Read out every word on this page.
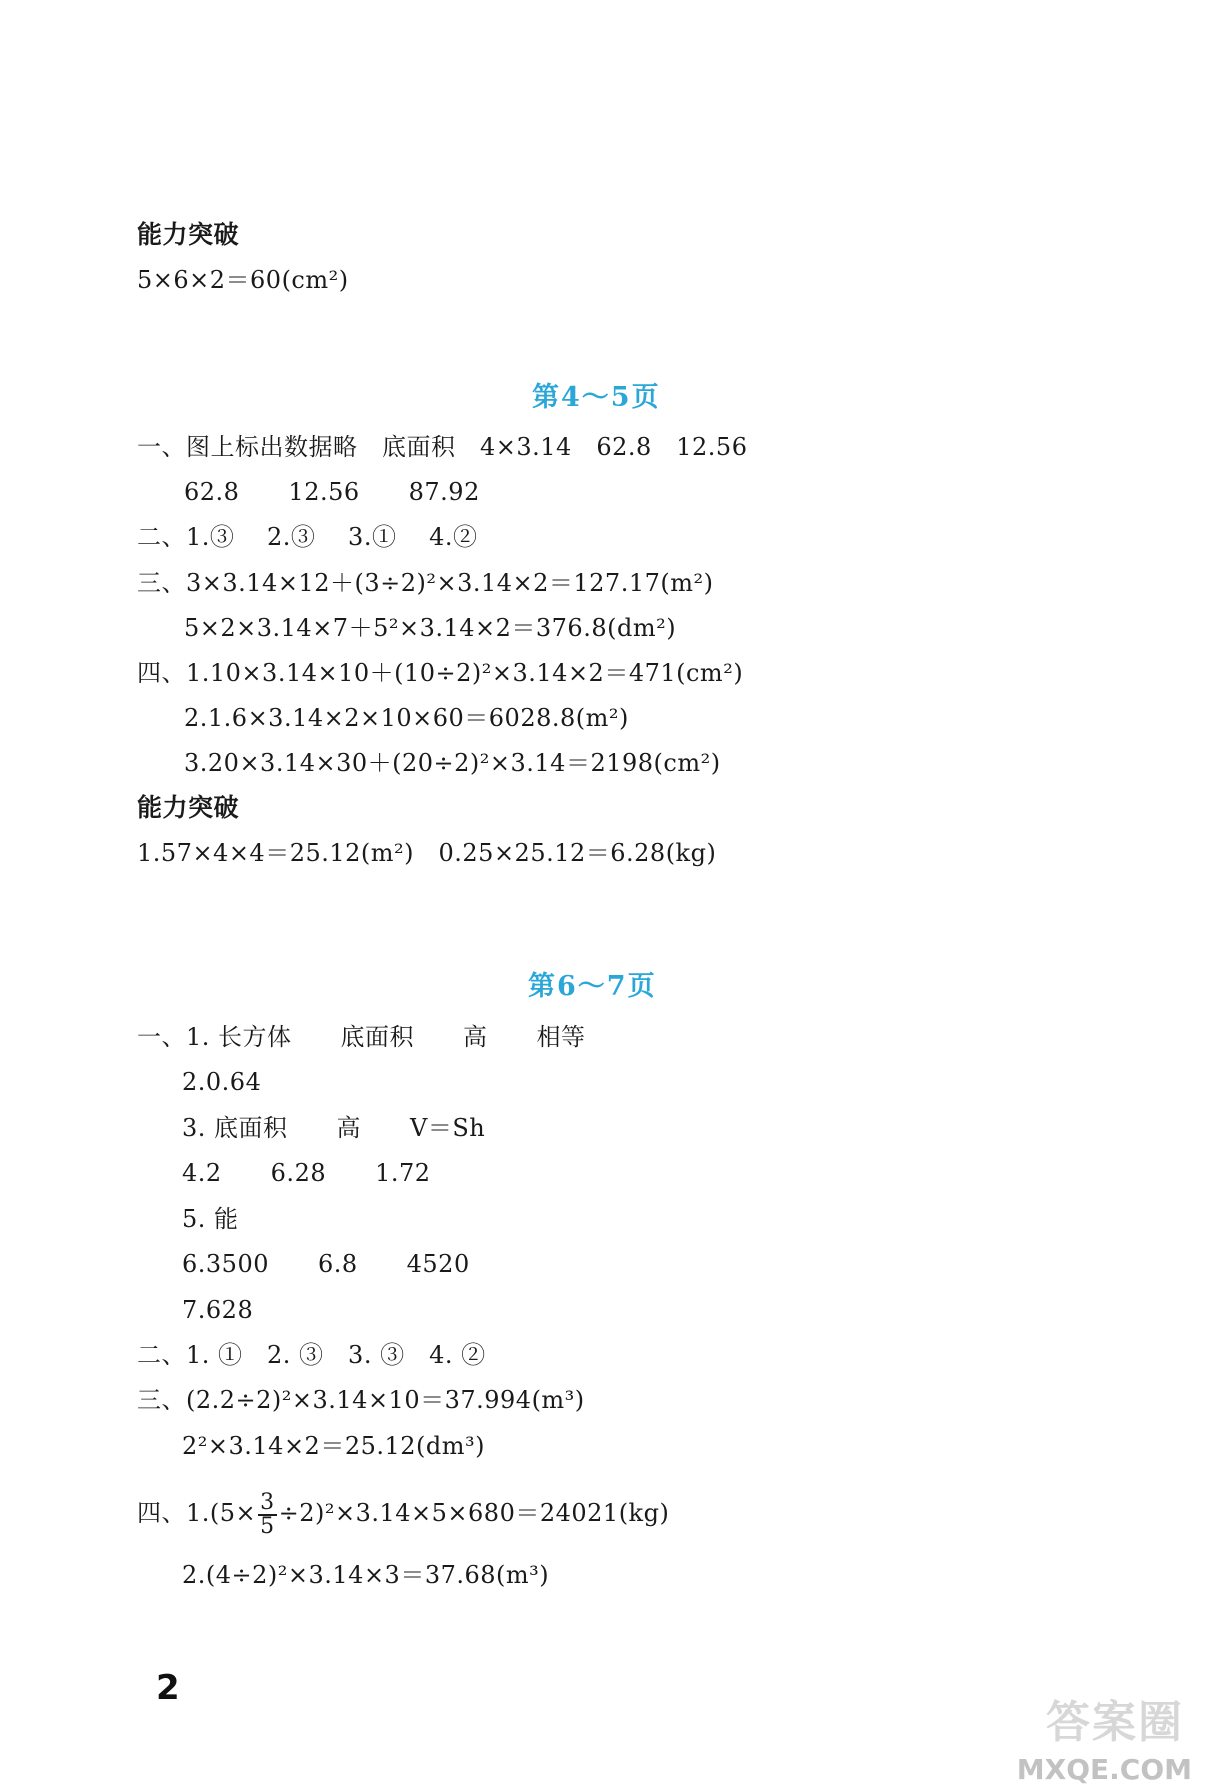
能力突破
5×6×2＝60(cm²)
第4～5页
一、图上标出数据略　底面积　4×3.14　62.8　12.56
62.8　　12.56　　87.92
二、1.③　 2.③　 3.①　 4.②
三、3×3.14×12＋(3÷2)²×3.14×2＝127.17(m²)
5×2×3.14×7＋5²×3.14×2＝376.8(dm²)
四、1.10×3.14×10＋(10÷2)²×3.14×2＝471(cm²)
2.1.6×3.14×2×10×60＝6028.8(m²)
3.20×3.14×30＋(20÷2)²×3.14＝2198(cm²)
能力突破
1.57×4×4＝25.12(m²)　0.25×25.12＝6.28(kg)
第6～7页
一、1. 长方体　　底面积　　高　　相等
2.0.64
3. 底面积　　高　　V＝Sh
4.2　　6.28　　1.72
5. 能
6.3500　　6.8　　4520
7.628
二、1. ①　2. ③　3. ③　4. ②
三、(2.2÷2)²×3.14×10＝37.994(m³)
2²×3.14×2＝25.12(dm³)
四、$1.(5\times \frac{3}{5} \div 2)^2\times 3.14\times 5\times 680=24021(kg)$
2.(4÷2)²×3.14×3＝37.68(m³)
2
答案圈
MXQE.COM
